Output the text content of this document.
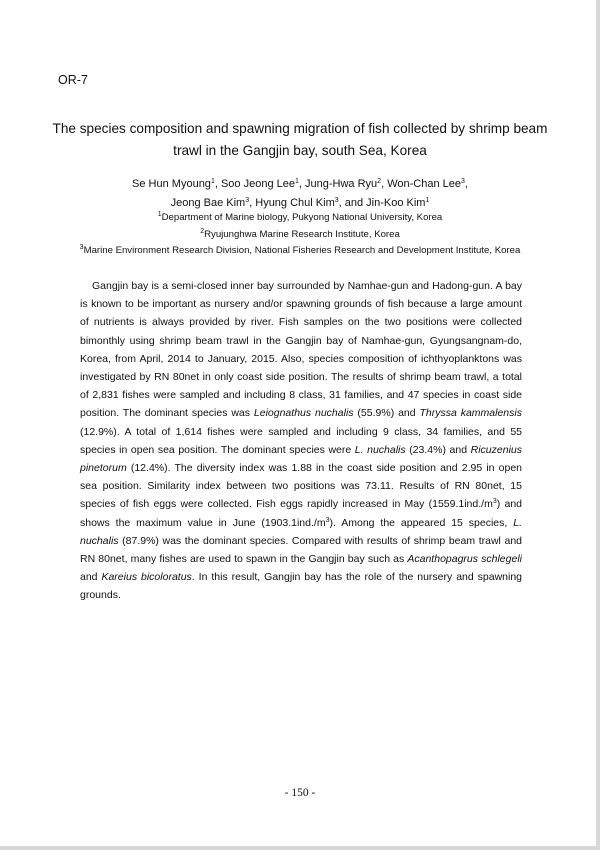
OR-7
The species composition and spawning migration of fish collected by shrimp beam trawl in the Gangjin bay, south Sea, Korea
Se Hun Myoung$^1$, Soo Jeong Lee$^1$, Jung-Hwa Ryu$^2$, Won-Chan Lee$^3$,
Jeong Bae Kim$^3$, Hyung Chul Kim$^3$, and Jin-Koo Kim$^1$
$^1$Department of Marine biology, Pukyong National University, Korea
$^2$Ryujunghwa Marine Research Institute, Korea
$^3$Marine Environment Research Division, National Fisheries Research and Development Institute, Korea
Gangjin bay is a semi-closed inner bay surrounded by Namhae-gun and Hadong-gun. A bay is known to be important as nursery and/or spawning grounds of fish because a large amount of nutrients is always provided by river. Fish samples on the two positions were collected bimonthly using shrimp beam trawl in the Gangjin bay of Namhae-gun, Gyungsangnam-do, Korea, from April, 2014 to January, 2015. Also, species composition of ichthyoplanktons was investigated by RN 80net in only coast side position. The results of shrimp beam trawl, a total of 2,831 fishes were sampled and including 8 class, 31 families, and 47 species in coast side position. The dominant species was Leiognathus nuchalis (55.9%) and Thryssa kammalensis (12.9%). A total of 1,614 fishes were sampled and including 9 class, 34 families, and 55 species in open sea position. The dominant species were L. nuchalis (23.4%) and Ricuzenius pinetorum (12.4%). The diversity index was 1.88 in the coast side position and 2.95 in open sea position. Similarity index between two positions was 73.11. Results of RN 80net, 15 species of fish eggs were collected. Fish eggs rapidly increased in May $(1559.1ind./m^3)$ and shows the maximum value in June $(1903.1ind./m^3)$. Among the appeared 15 species, L. nuchalis (87.9%) was the dominant species. Compared with results of shrimp beam trawl and RN 80net, many fishes are used to spawn in the Gangjin bay such as Acanthopagrus schlegeli and Kareius bicoloratus. In this result, Gangjin bay has the role of the nursery and spawning grounds.
- 150 -
